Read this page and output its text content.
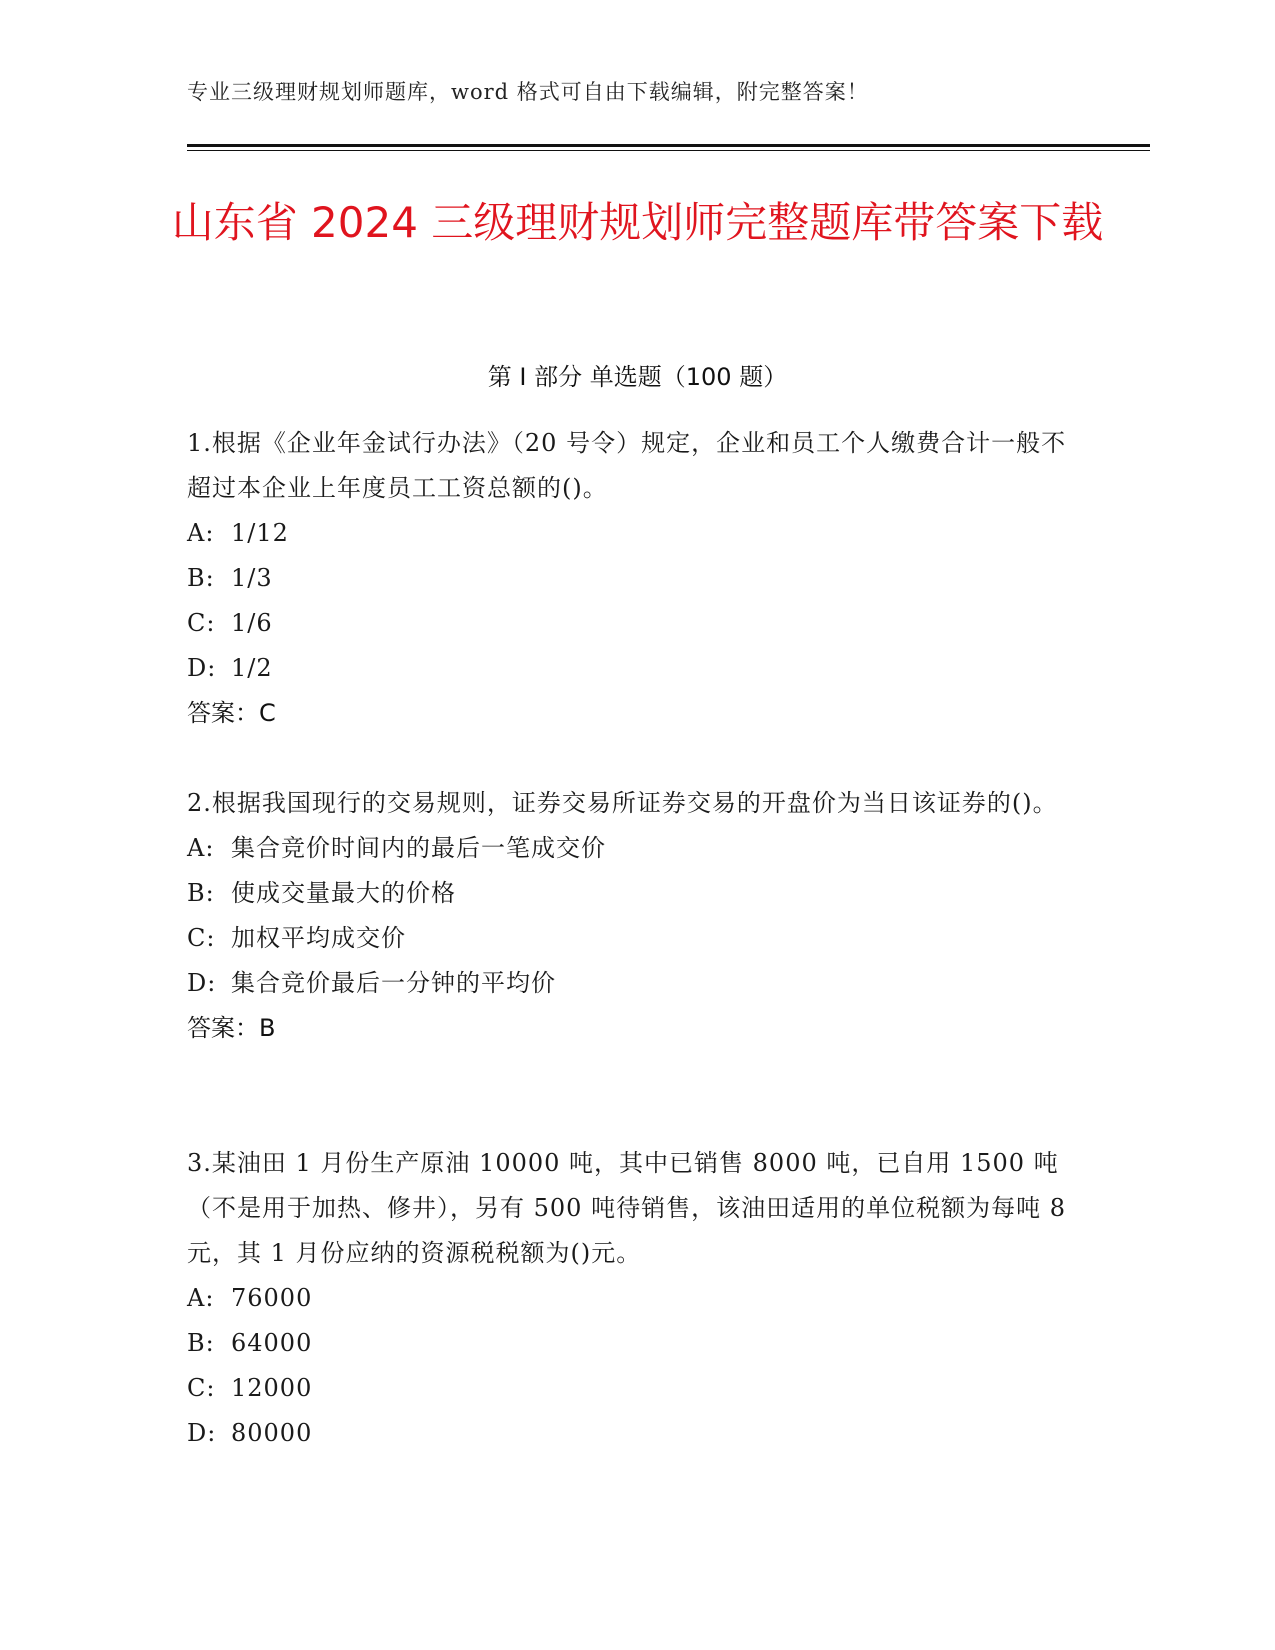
专业三级理财规划师题库，word 格式可自由下载编辑，附完整答案！
山东省 2024 三级理财规划师完整题库带答案下载
第 I 部分 单选题（100 题）

1.根据《企业年金试行办法》（20 号令）规定，企业和员工个人缴费合计一般不超过本企业上年度员工工资总额的()。

A: 1/12

B: 1/3

C: 1/6

D: 1/2

答案：C

2.根据我国现行的交易规则，证券交易所证券交易的开盘价为当日该证券的()。

A: 集合竞价时间内的最后一笔成交价

B: 使成交量最大的价格

C: 加权平均成交价

D: 集合竞价最后一分钟的平均价

答案：B

3.某油田 1 月份生产原油 10000 吨，其中已销售 8000 吨，已自用 1500 吨（不是用于加热、修井），另有 500 吨待销售，该油田适用的单位税额为每吨 8 元，其 1 月份应纳的资源税税额为()元。

A: 76000

B: 64000

C: 12000

D: 80000
